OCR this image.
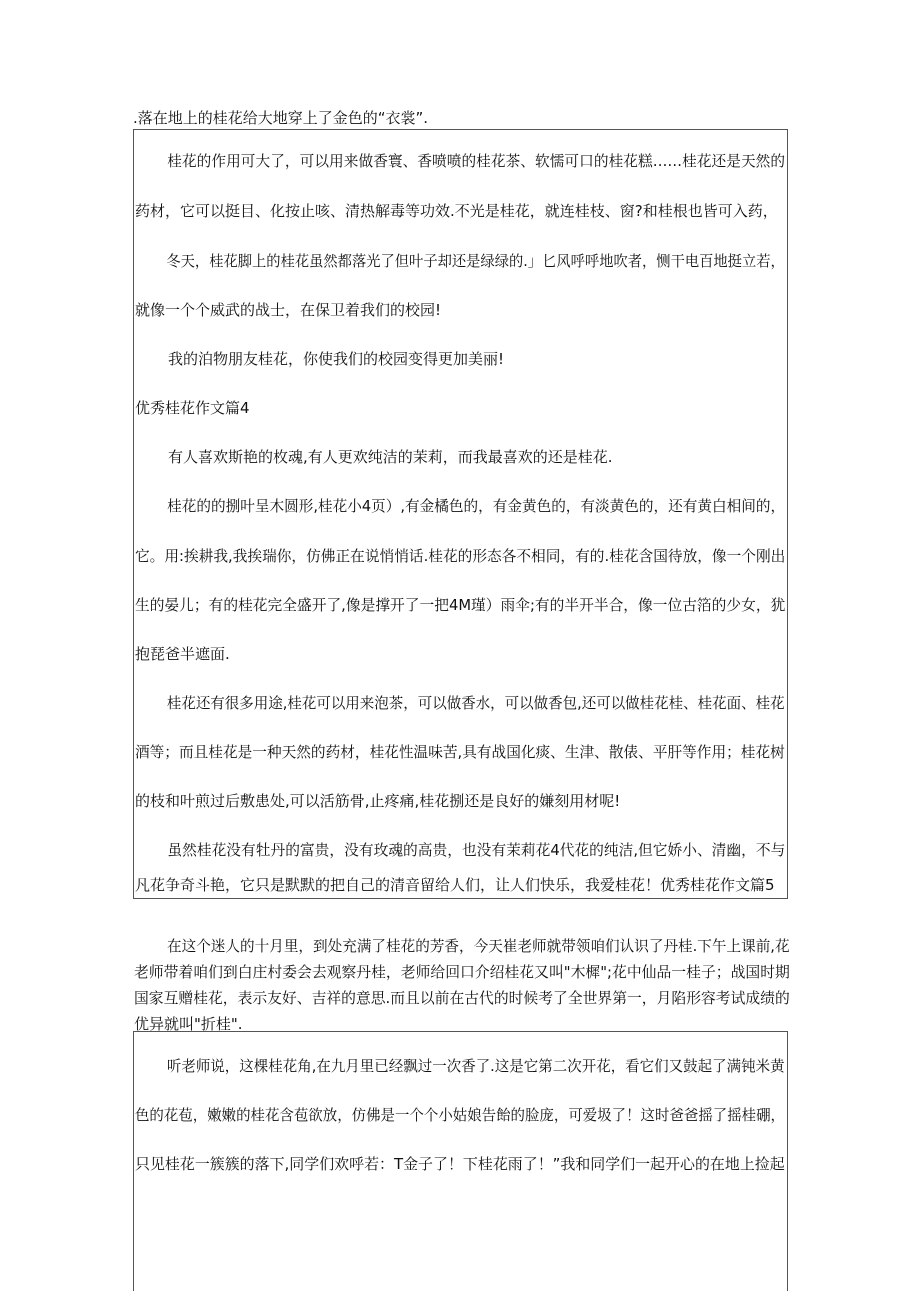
.落在地上的桂花给大地穿上了金色的“衣裳”.

桂花的作用可大了，可以用来做香寰、香喷喷的桂花茶、软懦可口的桂花糕……桂花还是天然的

药材，它可以挺目、化按止咳、清热解毒等功效.不光是桂花，就连桂枝、窗?和桂根也皆可入药，

冬天，桂花脚上的桂花虽然都落光了但叶子却还是绿绿的.」匕风呼呼地吹者，恻干电百地挺立若，

就像一个个威武的战士，在保卫着我们的校园!

我的泊物朋友桂花，你使我们的校园变得更加美丽!

优秀桂花作文篇4

有人喜欢斯艳的枚魂,有人更欢纯洁的茉莉，而我最喜欢的还是桂花.

桂花的的捌叶呈木圆形,桂花小4页）,有金橘色的，有金黄色的，有淡黄色的，还有黄白相间的，

它。用:挨耕我,我挨瑞你，仿佛正在说悄悄话.桂花的形态各不相同，有的.桂花含国待放，像一个刚出

生的晏儿；有的桂花完全盛开了,像是撑开了一把4M瑾）雨伞;有的半开半合，像一位古箔的少女，犹

抱琵爸半遮面.

桂花还有很多用途,桂花可以用来泡茶，可以做香水，可以做香包,还可以做桂花桂、桂花面、桂花

酒等；而且桂花是一种天然的药材，桂花性温味苦,具有战国化痰、生津、散俵、平肝等作用；桂花树

的枝和叶煎过后敷患处,可以活筋骨,止疼痛,桂花捌还是良好的嫌刻用材呢!

虽然桂花没有牡丹的富贵，没有玫魂的高贵，也没有茉莉花4代花的纯洁,但它娇小、清幽，不与

凡花争奇斗艳，它只是默默的把自己的清音留给人们，让人们快乐，我爱桂花！优秀桂花作文篇5

在这个迷人的十月里，到处充满了桂花的芳香，今天崔老师就带领咱们认识了丹桂.下午上课前,花

老师带着咱们到白庄村委会去观察丹桂，老师给回口介绍桂花又叫"木樨";花中仙品一桂子；战国时期

国家互赠桂花，表示友好、吉祥的意思.而且以前在古代的时候考了全世界第一，月陷形容考试成绩的

优异就叫"折桂".

听老师说，这棵桂花角,在九月里已经飘过一次香了.这是它第二次开花，看它们又鼓起了满钝米黄

色的花苞，嫩嫩的桂花含苞欲放，仿佛是一个个小姑娘告飴的脸庞，可爱圾了！这时爸爸摇了摇桂硼，

只见桂花一簇簇的落下,同学们欢呼若：T金子了！下桂花雨了！”我和同学们一起开心的在地上捡起
